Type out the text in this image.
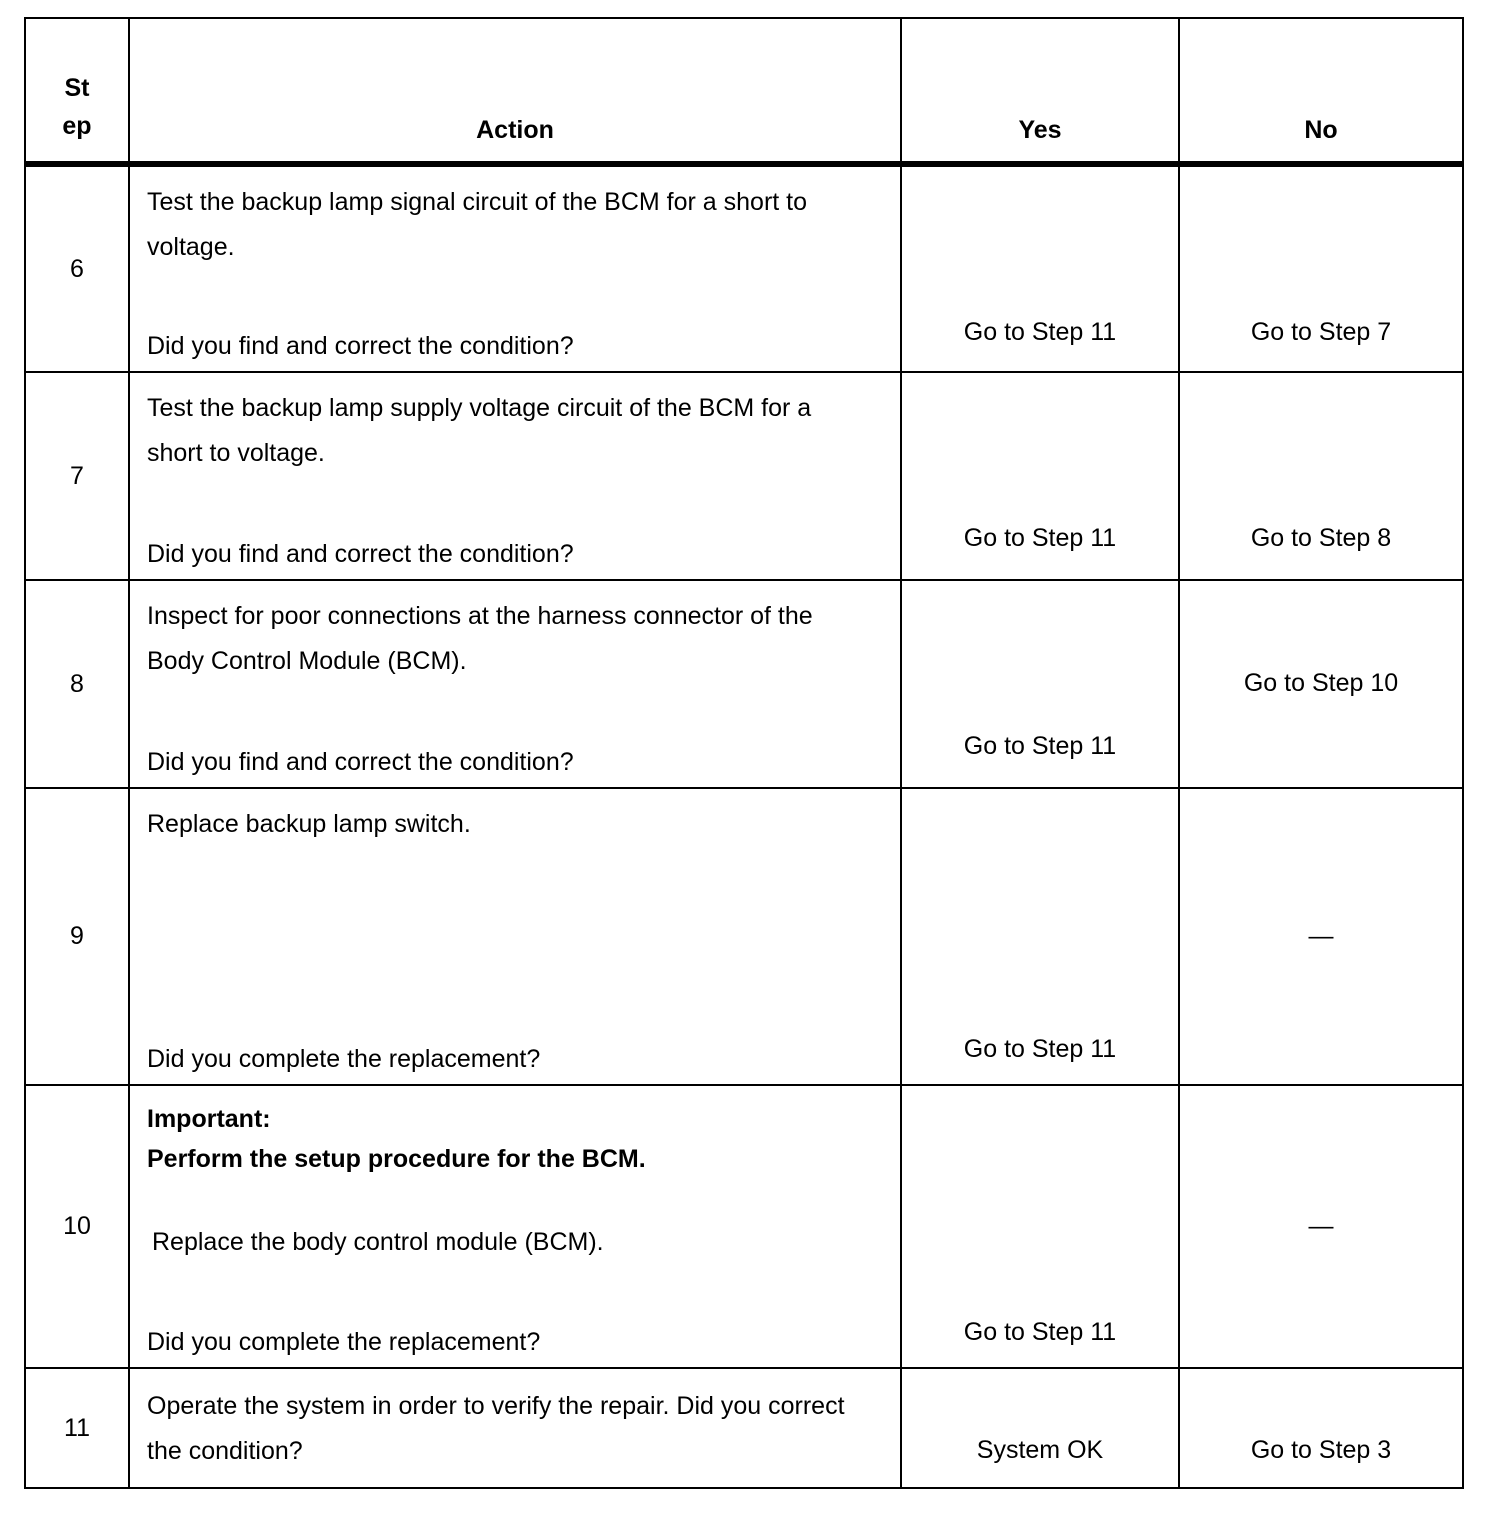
St ep	Action	Yes	No
6	Test the backup lamp signal circuit of the BCM for a short to voltage.
Did you find and correct the condition?	Go to Step 11	Go to Step 7

7	Test the backup lamp supply voltage circuit of the BCM for a short to voltage.
Did you find and correct the condition?	Go to Step 11	Go to Step 8

8	Inspect for poor connections at the harness connector of the Body Control Module (BCM).
Did you find and correct the condition?	Go to Step 11	Go to Step 10

9	Replace backup lamp switch.
Did you complete the replacement?	Go to Step 11	—

10	Important:
Perform the setup procedure for the BCM.
Replace the body control module (BCM).
Did you complete the replacement?	Go to Step 11	—

11	Operate the system in order to verify the repair. Did you correct the condition?	System OK	Go to Step 3
